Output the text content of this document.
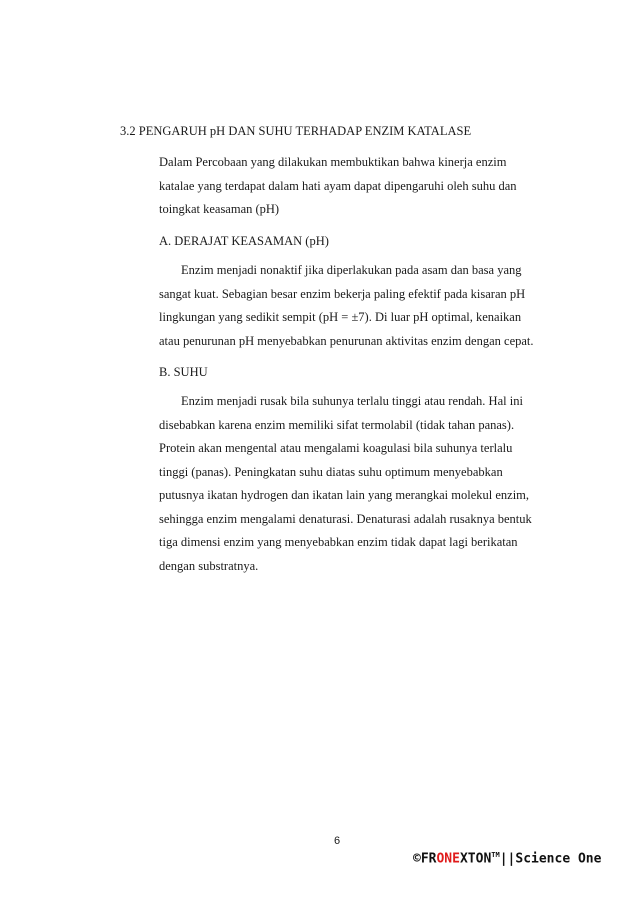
3.2 PENGARUH pH DAN SUHU TERHADAP ENZIM KATALASE
Dalam Percobaan yang dilakukan membuktikan bahwa kinerja enzim
katalae yang terdapat dalam hati ayam dapat dipengaruhi oleh suhu dan
toingkat keasaman (pH)
A. DERAJAT KEASAMAN (pH)
Enzim menjadi nonaktif jika diperlakukan pada asam dan basa yang
sangat kuat. Sebagian besar enzim bekerja paling efektif pada kisaran pH
lingkungan yang sedikit sempit (pH = ±7). Di luar pH optimal, kenaikan
atau penurunan pH menyebabkan penurunan aktivitas enzim dengan cepat.
B. SUHU
Enzim menjadi rusak bila suhunya terlalu tinggi atau rendah. Hal ini
disebabkan karena enzim memiliki sifat termolabil (tidak tahan panas).
Protein akan mengental atau mengalami koagulasi bila suhunya terlalu
tinggi (panas). Peningkatan suhu diatas suhu optimum menyebabkan
putusnya ikatan hydrogen dan ikatan lain yang merangkai molekul enzim,
sehingga enzim mengalami denaturasi. Denaturasi adalah rusaknya bentuk
tiga dimensi enzim yang menyebabkan enzim tidak dapat lagi berikatan
dengan substratnya.
6
©FRONEXTON™||Science One
